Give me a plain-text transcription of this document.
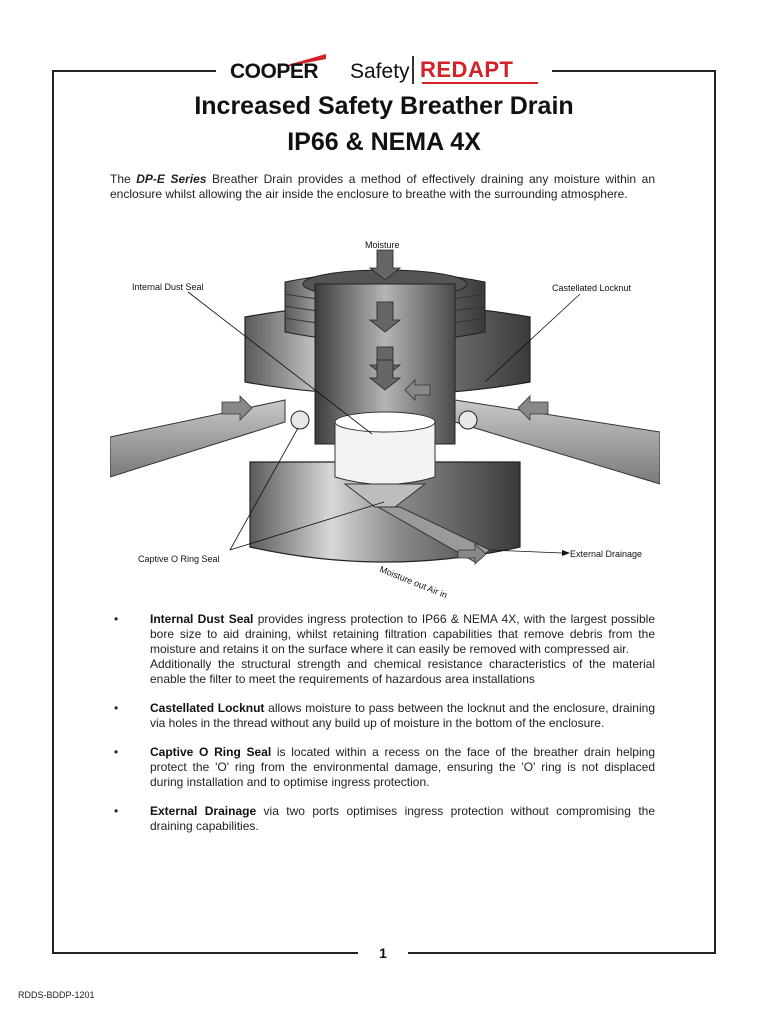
COOPER Safety REDAPT
Increased Safety Breather Drain
IP66 & NEMA 4X

The DP-E Series Breather Drain provides a method of effectively draining any moisture within an enclosure whilst allowing the air inside the enclosure to breathe with the surrounding atmosphere.

Moisture
Internal Dust Seal	Castellated Locknut
Captive O Ring Seal	External Drainage
Moisture out Air in
•	Internal Dust Seal provides ingress protection to IP66 & NEMA 4X, with the largest possible bore size to aid draining, whilst retaining filtration capabilities that remove debris from the moisture and retains it on the surface where it can easily be removed with compressed air.
Additionally the structural strength and chemical resistance characteristics of the material enable the filter to meet the requirements of hazardous area installations
•	Castellated Locknut allows moisture to pass between the locknut and the enclosure, draining via holes in the thread without any build up of moisture in the bottom of the enclosure.
•	Captive O Ring Seal is located within a recess on the face of the breather drain helping protect the 'O' ring from the environmental damage, ensuring the 'O' ring is not displaced during installation and to optimise ingress protection.
•	External Drainage via two ports optimises ingress protection without compromising the draining capabilities.
1
RDDS-BDDP-1201
